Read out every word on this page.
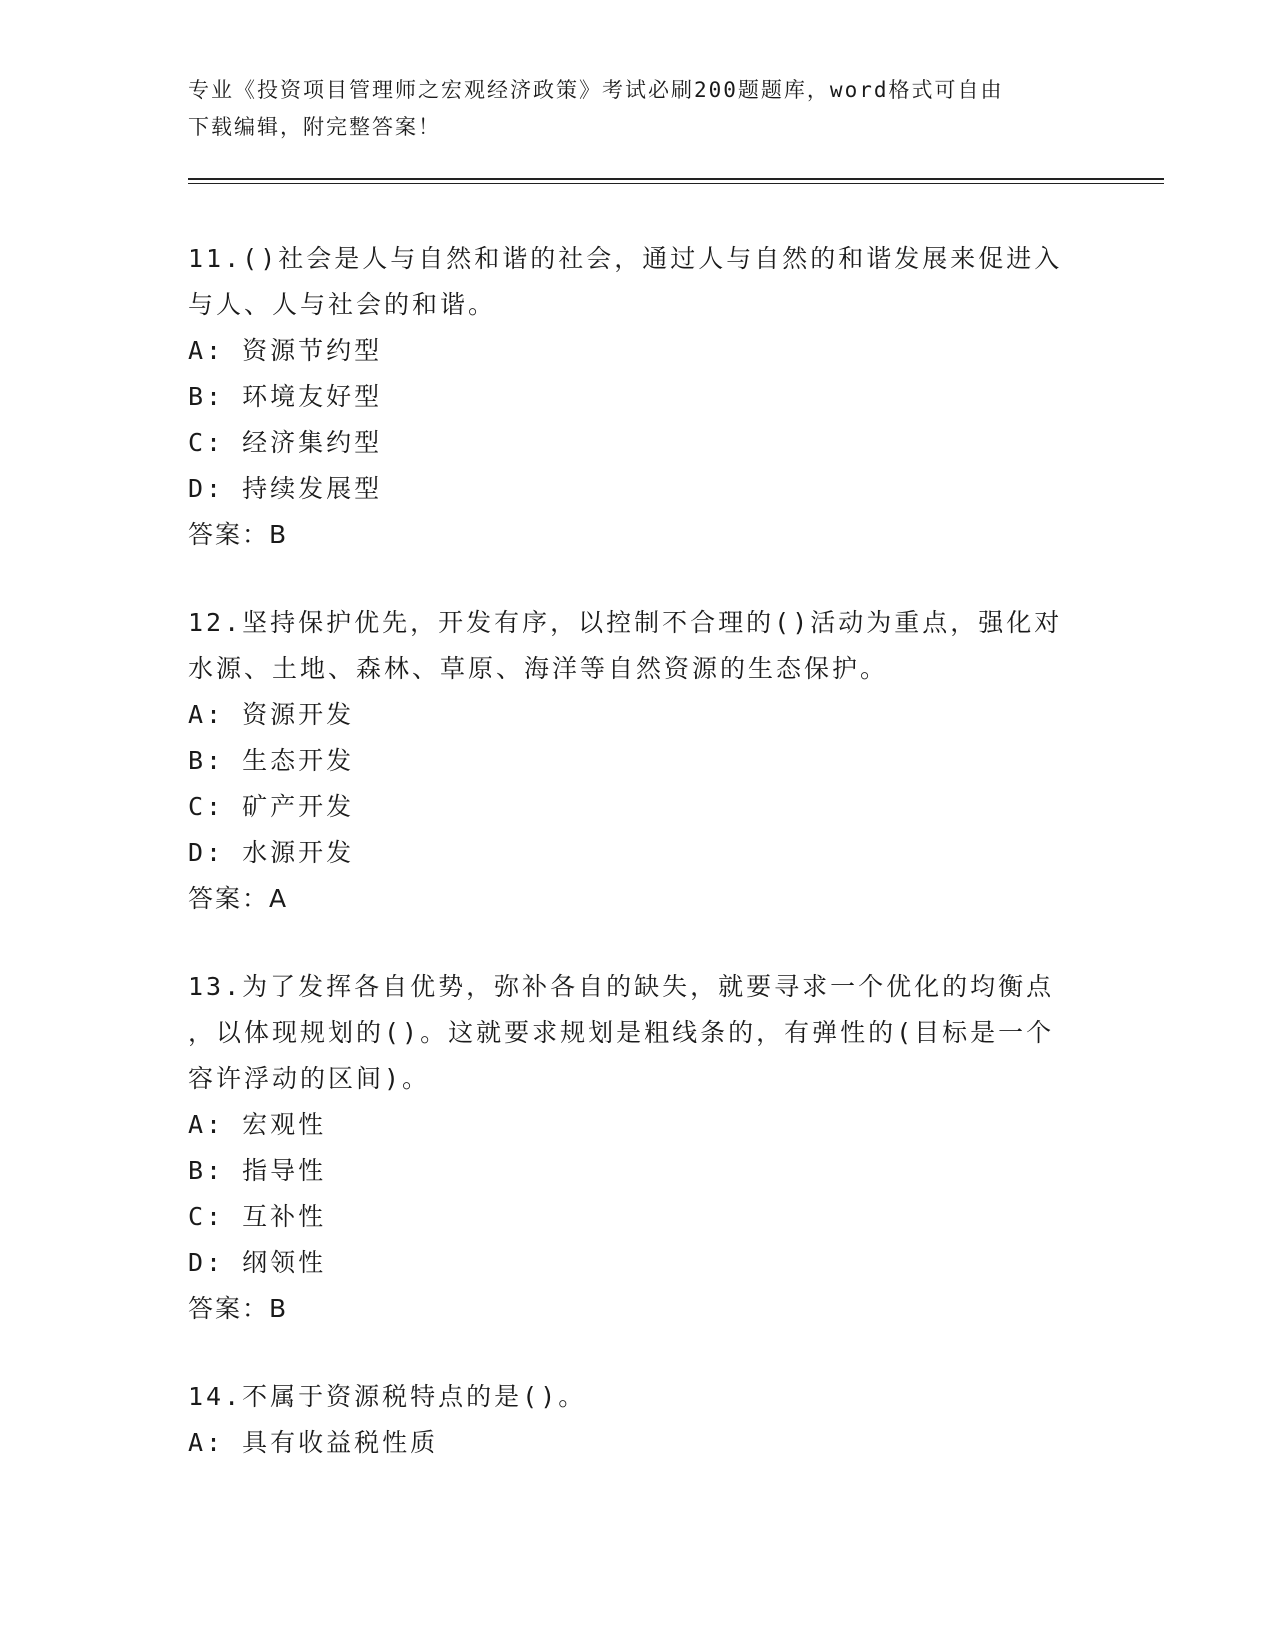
专业《投资项目管理师之宏观经济政策》考试必刷200题题库，word格式可自由
下载编辑，附完整答案！

11.()社会是人与自然和谐的社会，通过人与自然的和谐发展来促进入

与人、人与社会的和谐。

A: 资源节约型

B: 环境友好型

C: 经济集约型

D: 持续发展型

答案：B

12.坚持保护优先，开发有序，以控制不合理的()活动为重点，强化对

水源、土地、森林、草原、海洋等自然资源的生态保护。

A: 资源开发

B: 生态开发

C: 矿产开发

D: 水源开发

答案：A

13.为了发挥各自优势，弥补各自的缺失，就要寻求一个优化的均衡点

，以体现规划的()。这就要求规划是粗线条的，有弹性的(目标是一个

容许浮动的区间)。

A: 宏观性

B: 指导性

C: 互补性

D: 纲领性

答案：B

14.不属于资源税特点的是()。

A: 具有收益税性质
